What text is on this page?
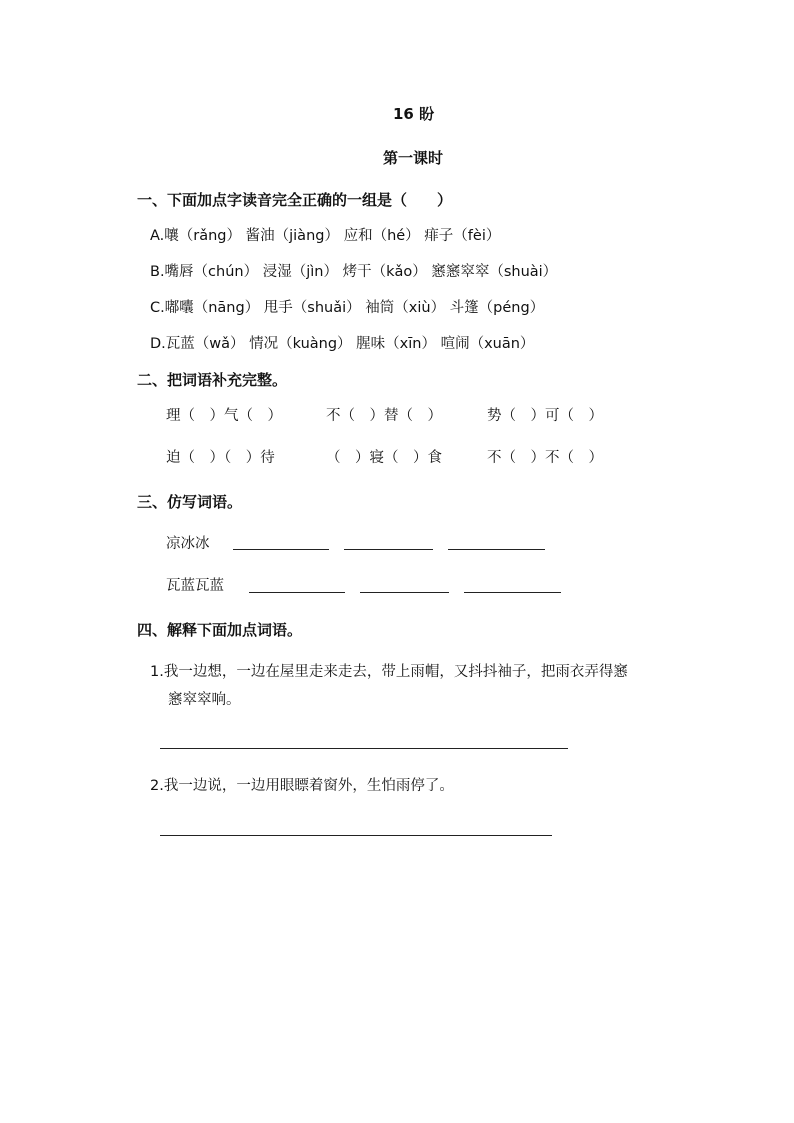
16 盼
第一课时
一、下面加点字读音完全正确的一组是（　　）
A.嚷（rǎng） 酱油（jiàng） 应和（hé） 痱子（fèi）
B.嘴唇（chún） 浸湿（jìn） 烤干（kǎo） 窸窸窣窣（shuài）
C.嘟囔（nāng） 甩手（shuǎi） 袖筒（xiù） 斗篷（péng）
D.瓦蓝（wǎ） 情况（kuàng） 腥味（xīn） 喧闹（xuān）
二、把词语补充完整。
理（　）气（　）	不（　）替（　）	势（　）可（　）
迫（　）（　）待	（　）寝（　）食	不（　）不（　）
三、仿写词语。
凉冰冰
瓦蓝瓦蓝
四、解释下面加点词语。
1.我一边想，一边在屋里走来走去，带上雨帽，又抖抖袖子，把雨衣弄得窸
窸窣窣响。
2.我一边说，一边用眼瞟着窗外，生怕雨停了。
